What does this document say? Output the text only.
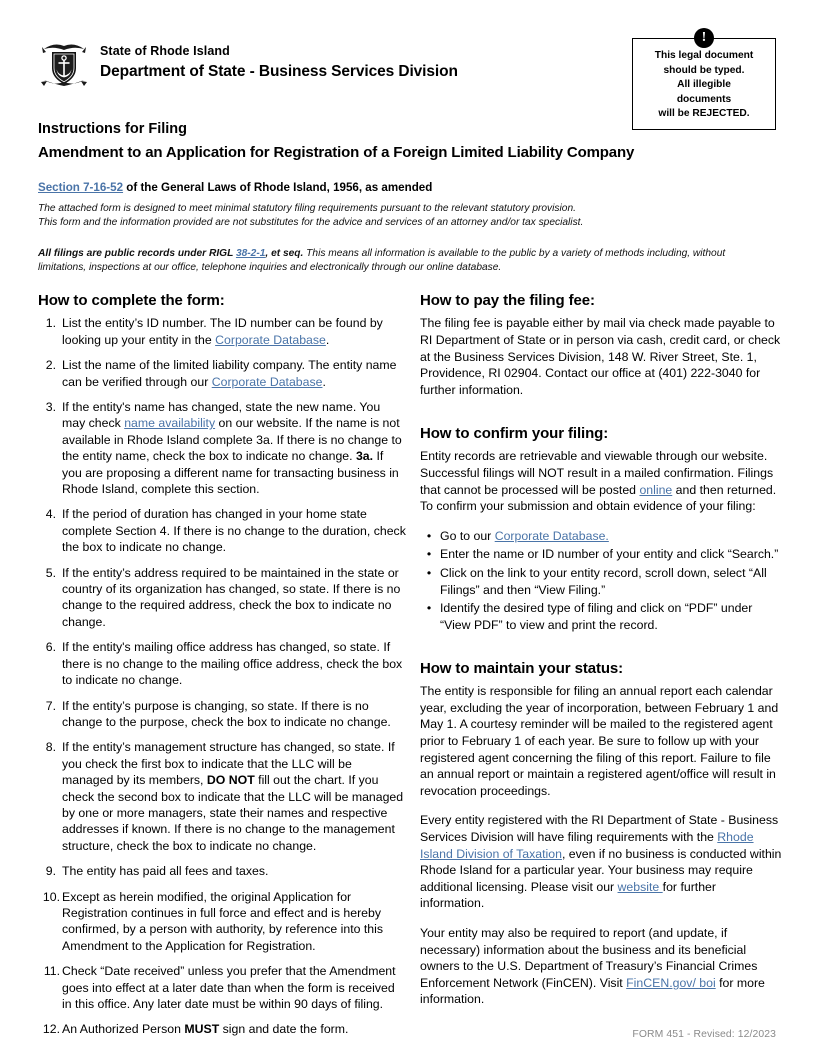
State of Rhode Island
Department of State - Business Services Division
!
This legal document
should be typed.
All illegible
documents
will be REJECTED.
Instructions for Filing
Amendment to an Application for Registration of a Foreign Limited Liability Company
Section 7-16-52 of the General Laws of Rhode Island, 1956, as amended
The attached form is designed to meet minimal statutory filing requirements pursuant to the relevant statutory provision.
This form and the information provided are not substitutes for the advice and services of an attorney and/or tax specialist.
All filings are public records under RIGL 38-2-1, et seq. This means all information is available to the public by a variety of methods including, without limitations, inspections at our office, telephone inquiries and electronically through our online database.
How to complete the form:
1. List the entity’s ID number. The ID number can be found by looking up your entity in the Corporate Database.
2. List the name of the limited liability company. The entity name can be verified through our Corporate Database.
3. If the entity's name has changed, state the new name. You may check name availability on our website. If the name is not available in Rhode Island complete 3a. If there is no change to the entity name, check the box to indicate no change. 3a. If you are proposing a different name for transacting business in Rhode Island, complete this section.
4. If the period of duration has changed in your home state complete Section 4. If there is no change to the duration, check the box to indicate no change.
5. If the entity’s address required to be maintained in the state or country of its organization has changed, so state. If there is no change to the required address, check the box to indicate no change.
6. If the entity's mailing office address has changed, so state. If there is no change to the mailing office address, check the box to indicate no change.
7. If the entity’s purpose is changing, so state. If there is no change to the purpose, check the box to indicate no change.
8. If the entity’s management structure has changed, so state. If you check the first box to indicate that the LLC will be managed by its members, DO NOT fill out the chart. If you check the second box to indicate that the LLC will be managed by one or more managers, state their names and respective addresses if known. If there is no change to the management structure, check the box to indicate no change.
9. The entity has paid all fees and taxes.
10. Except as herein modified, the original Application for Registration continues in full force and effect and is hereby confirmed, by a person with authority, by reference into this Amendment to the Application for Registration.
11. Check “Date received” unless you prefer that the Amendment goes into effect at a later date than when the form is received in this office. Any later date must be within 90 days of filing.
12. An Authorized Person MUST sign and date the form.
How to pay the filing fee:

The filing fee is payable either by mail via check made payable to RI Department of State or in person via cash, credit card, or check at the Business Services Division, 148 W. River Street, Ste. 1, Providence, RI 02904. Contact our office at (401) 222-3040 for further information.

How to confirm your filing:

Entity records are retrievable and viewable through our website. Successful filings will NOT result in a mailed confirmation. Filings that cannot be processed will be posted online and then returned. To confirm your submission and obtain evidence of your filing:

• Go to our Corporate Database.
• Enter the name or ID number of your entity and click “Search.”
• Click on the link to your entity record, scroll down, select “All Filings” and then “View Filing.”
• Identify the desired type of filing and click on “PDF” under “View PDF” to view and print the record.
How to maintain your status:

The entity is responsible for filing an annual report each calendar year, excluding the year of incorporation, between February 1 and May 1. A courtesy reminder will be mailed to the registered agent prior to February 1 of each year. Be sure to follow up with your registered agent concerning the filing of this report. Failure to file an annual report or maintain a registered agent/office will result in revocation proceedings.

Every entity registered with the RI Department of State - Business Services Division will have filing requirements with the Rhode Island Division of Taxation, even if no business is conducted within Rhode Island for a particular year. Your business may require additional licensing. Please visit our website for further information.

Your entity may also be required to report (and update, if necessary) information about the business and its beneficial owners to the U.S. Department of Treasury’s Financial Crimes Enforcement Network (FinCEN). Visit FinCEN.gov/ boi for more information.

FORM 451 - Revised: 12/2023
